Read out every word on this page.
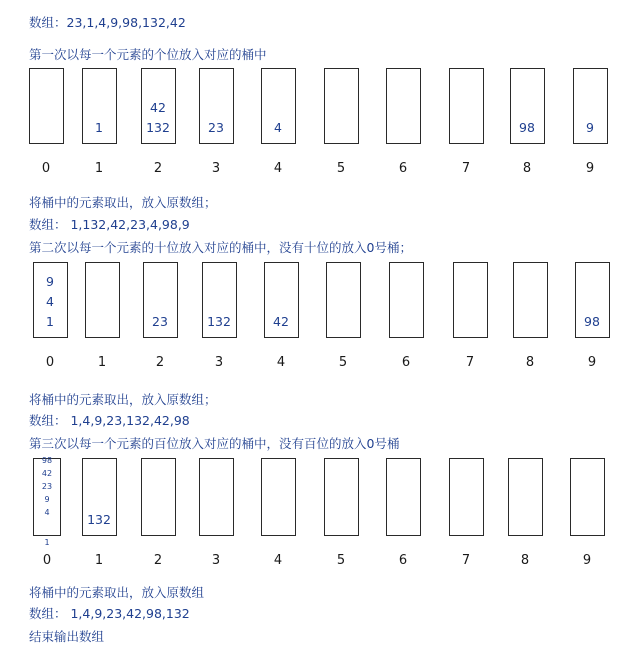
数组：23,1,4,9,98,132,42
第一次以每一个元素的个位放入对应的桶中
将桶中的元素取出，放入原数组；
数组： 1,132,42,23,4,98,9
第二次以每一个元素的十位放入对应的桶中，没有十位的放入0号桶；
将桶中的元素取出，放入原数组；
数组： 1,4,9,23,132,42,98
第三次以每一个元素的百位放入对应的桶中，没有百位的放入0号桶
将桶中的元素取出，放入原数组
数组： 1,4,9,23,42,98,132
结束输出数组
0
1
1
42
132
2
23
3
4
4	5	6	7
98
8
9
9
9
4
1
0	1
23
2
132
3
42
4	5	6	7	8
98
9
98
42
23
9
4
1
0
132
1	2	3	4	5	6	7	8	9
